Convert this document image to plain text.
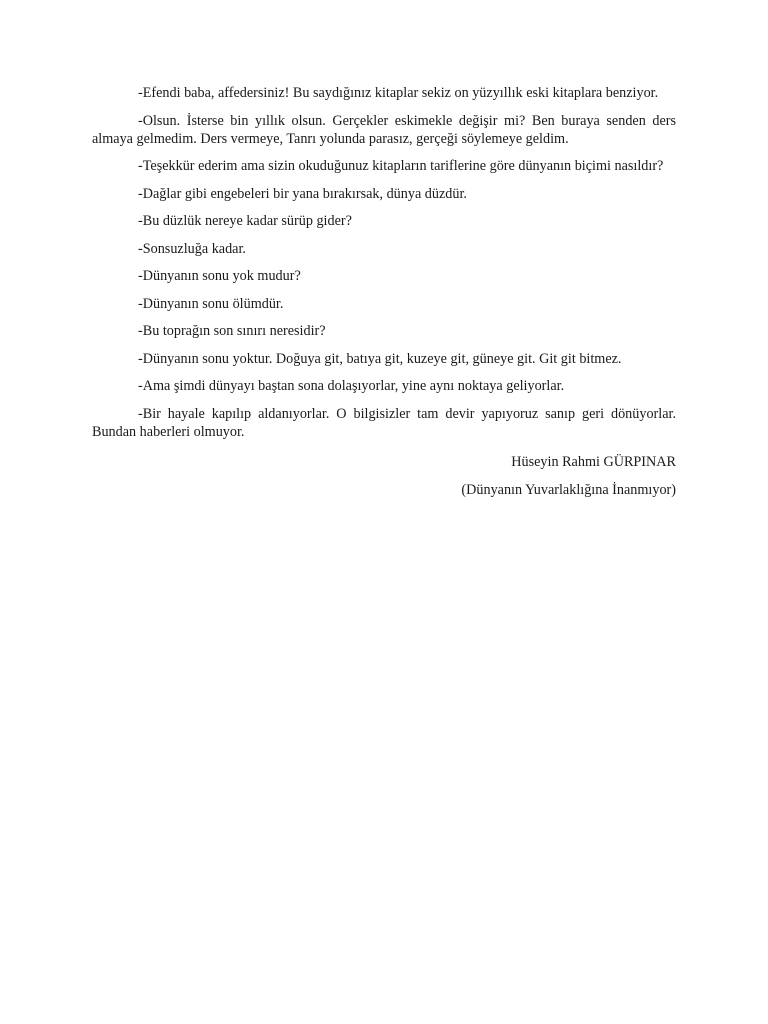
-Efendi baba, affedersiniz! Bu saydığınız kitaplar sekiz on yüzyıllık eski kitaplara benziyor.

-Olsun. İsterse bin yıllık olsun. Gerçekler eskimekle değişir mi? Ben buraya senden ders almaya gelmedim. Ders vermeye, Tanrı yolunda parasız, gerçeği söylemeye geldim.

-Teşekkür ederim ama sizin okuduğunuz kitapların tariflerine göre dünyanın biçimi nasıldır?

-Dağlar gibi engebeleri bir yana bırakırsak, dünya düzdür.

-Bu düzlük nereye kadar sürüp gider?

-Sonsuzluğa kadar.

-Dünyanın sonu yok mudur?

-Dünyanın sonu ölümdür.

-Bu toprağın son sınırı neresidir?

-Dünyanın sonu yoktur. Doğuya git, batıya git, kuzeye git, güneye git. Git git bitmez.

-Ama şimdi dünyayı baştan sona dolaşıyorlar, yine aynı noktaya geliyorlar.

-Bir hayale kapılıp aldanıyorlar. O bilgisizler tam devir yapıyoruz sanıp geri dönüyorlar. Bundan haberleri olmuyor.

Hüseyin Rahmi GÜRPINAR

(Dünyanın Yuvarlaklığına İnanmıyor)
